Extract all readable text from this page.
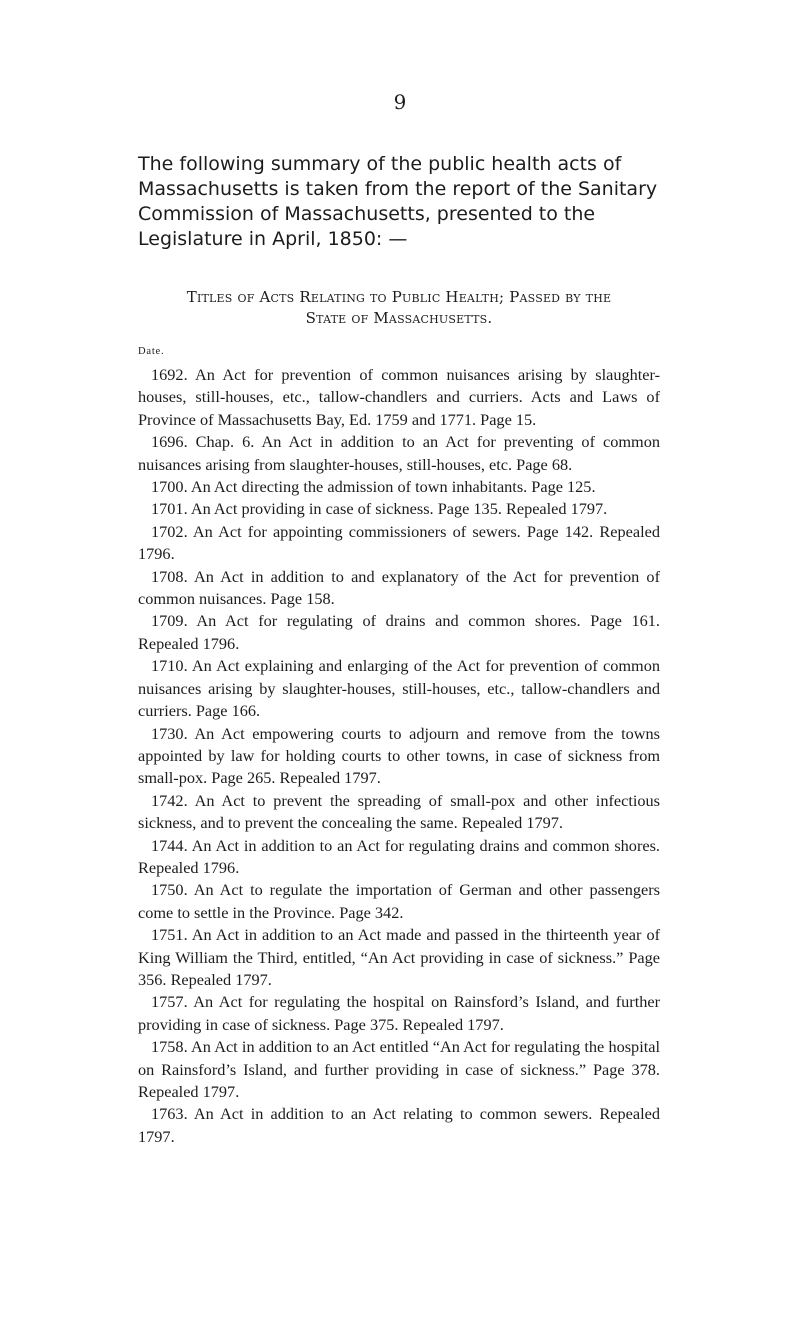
9

The following summary of the public health acts of Massachusetts is taken from the report of the Sanitary Commission of Massachusetts, presented to the Legislature in April, 1850: —

Titles of Acts Relating to Public Health; Passed by the
State of Massachusetts.
Date.

1692. An Act for prevention of common nuisances arising by slaughter-houses, still-houses, etc., tallow-chandlers and curriers. Acts and Laws of Province of Massachusetts Bay, Ed. 1759 and 1771. Page 15.

1696. Chap. 6. An Act in addition to an Act for preventing of common nuisances arising from slaughter-houses, still-houses, etc. Page 68.

1700. An Act directing the admission of town inhabitants. Page 125.

1701. An Act providing in case of sickness. Page 135. Repealed 1797.

1702. An Act for appointing commissioners of sewers. Page 142. Repealed 1796.

1708. An Act in addition to and explanatory of the Act for prevention of common nuisances. Page 158.

1709. An Act for regulating of drains and common shores. Page 161. Repealed 1796.

1710. An Act explaining and enlarging of the Act for prevention of common nuisances arising by slaughter-houses, still-houses, etc., tallow-chandlers and curriers. Page 166.

1730. An Act empowering courts to adjourn and remove from the towns appointed by law for holding courts to other towns, in case of sickness from small-pox. Page 265. Repealed 1797.

1742. An Act to prevent the spreading of small-pox and other infectious sickness, and to prevent the concealing the same. Repealed 1797.

1744. An Act in addition to an Act for regulating drains and common shores. Repealed 1796.

1750. An Act to regulate the importation of German and other passengers come to settle in the Province. Page 342.

1751. An Act in addition to an Act made and passed in the thirteenth year of King William the Third, entitled, “An Act providing in case of sickness.” Page 356. Repealed 1797.

1757. An Act for regulating the hospital on Rainsford’s Island, and further providing in case of sickness. Page 375. Repealed 1797.

1758. An Act in addition to an Act entitled “An Act for regulating the hospital on Rainsford’s Island, and further providing in case of sickness.” Page 378. Repealed 1797.

1763. An Act in addition to an Act relating to common sewers. Repealed 1797.
